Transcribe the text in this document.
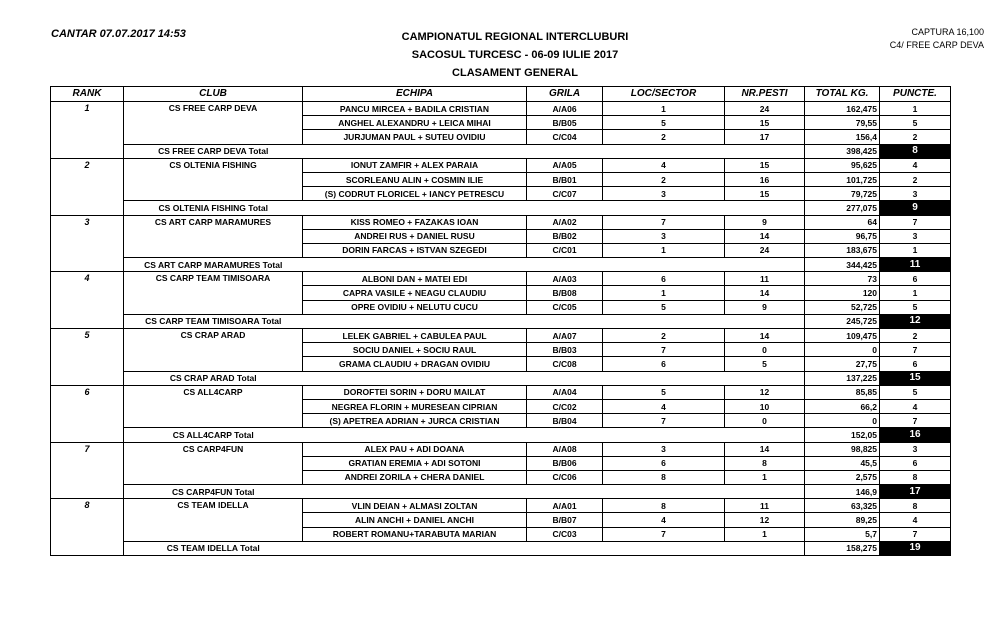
CANTAR 07.07.2017 14:53	CAMPIONATUL REGIONAL INTERCLUBURI
SACOSUL TURCESC - 06-09 IULIE 2017
CLASAMENT GENERAL
CAPTURA 16,100
C4/ FREE CARP DEVA
RANK	CLUB	ECHIPA	GRILA	LOC/SECTOR	NR.PESTI	TOTAL KG.	PUNCTE.
1	CS FREE CARP DEVA	PANCU MIRCEA + BADILA CRISTIAN	A/A06	1	24	162,475	1
		ANGHEL ALEXANDRU + LEICA MIHAI	B/B05	5	15	79,55	5
		JURJUMAN PAUL + SUTEU OVIDIU	C/C04	2	17	156,4	2
	CS FREE CARP DEVA Total					398,425	8
2	CS OLTENIA FISHING	IONUT ZAMFIR + ALEX PARAIA	A/A05	4	15	95,625	4
		SCORLEANU ALIN + COSMIN ILIE	B/B01	2	16	101,725	2
		(S) CODRUT FLORICEL + IANCY PETRESCU	C/C07	3	15	79,725	3
	CS OLTENIA FISHING Total					277,075	9
3	CS ART CARP MARAMURES	KISS ROMEO + FAZAKAS IOAN	A/A02	7	9	64	7
		ANDREI RUS + DANIEL RUSU	B/B02	3	14	96,75	3
		DORIN FARCAS + ISTVAN SZEGEDI	C/C01	1	24	183,675	1
	CS ART CARP MARAMURES Total					344,425	11
4	CS CARP TEAM TIMISOARA	ALBONI DAN + MATEI EDI	A/A03	6	11	73	6
		CAPRA VASILE + NEAGU CLAUDIU	B/B08	1	14	120	1
		OPRE OVIDIU + NELUTU CUCU	C/C05	5	9	52,725	5
	CS CARP TEAM TIMISOARA Total					245,725	12
5	CS CRAP ARAD	LELEK GABRIEL + CABULEA PAUL	A/A07	2	14	109,475	2
		SOCIU DANIEL + SOCIU RAUL	B/B03	7	0	0	7
		GRAMA CLAUDIU + DRAGAN OVIDIU	C/C08	6	5	27,75	6
	CS CRAP ARAD Total					137,225	15
6	CS ALL4CARP	DOROFTEI SORIN + DORU MAILAT	A/A04	5	12	85,85	5
		NEGREA FLORIN + MURESEAN CIPRIAN	C/C02	4	10	66,2	4
		(S) APETREA ADRIAN + JURCA CRISTIAN	B/B04	7	0	0	7
	CS ALL4CARP Total					152,05	16
7	CS CARP4FUN	ALEX PAU + ADI DOANA	A/A08	3	14	98,825	3
		GRATIAN EREMIA + ADI SOTONI	B/B06	6	8	45,5	6
		ANDREI ZORILA + CHERA DANIEL	C/C06	8	1	2,575	8
	CS CARP4FUN Total					146,9	17
8	CS TEAM IDELLA	VLIN DEIAN + ALMASI ZOLTAN	A/A01	8	11	63,325	8
		ALIN ANCHI + DANIEL ANCHI	B/B07	4	12	89,25	4
		ROBERT ROMANU+TARABUTA MARIAN	C/C03	7	1	5,7	7
	CS TEAM IDELLA Total					158,275	19
